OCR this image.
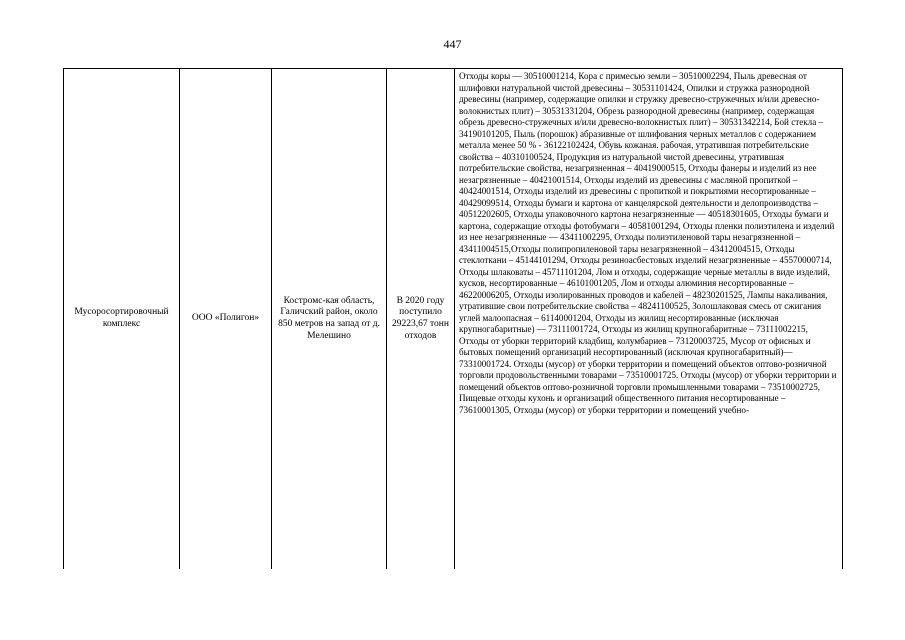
447
Мусоросортировочный комплекс	ООО «Полигон»	Костромс-кая область, Галичский район, около 850 метров на запад от д. Мелешино	В 2020 году поступило 29223,67 тонн отходов	Отходы коры — 30510001214, Кора с примесью земли – 30510002294, Пыль древесная от шлифовки натуральной чистой древесины – 30531101424, Опилки и стружка разнородной древесины (например, содержащие опилки и стружку древесно-стружечных и/или древесно-волокнистых плит) – 30531331204, Обрезь разнородной древесины (например, содержащая обрезь древесно-стружечных и/или древесно-волокнистых плит) – 30531342214, Бой стекла – 34190101205, Пыль (порошок) абразивные от шлифования черных металлов с содержанием металла менее 50 % - 36122102424, Обувь кожаная. рабочая, утратившая потребительские свойства – 40310100524, Продукция из натуральной чистой древесины, утратившая потребительские свойства, незагрязненная – 40419000515, Отходы фанеры и изделий из нее незагрязненные – 40421001514, Отходы изделий из древесины с масляной пропиткой – 40424001514, Отходы изделий из древесины с пропиткой и покрытиями несортированные – 40429099514, Отходы бумаги и картона от канцелярской деятельности и делопроизводства – 40512202605, Отходы упаковочного картона незагрязненные — 40518301605, Отходы бумаги и картона, содержащие отходы фотобумаги – 40581001294, Отходы пленки полиэтилена и изделий из нее незагрязненные — 43411002295, Отходы полиэтиленовой тары незагрязненной – 43411004515,Отходы полипропиленовой тары незагрязненной – 43412004515, Отходы стеклоткани – 45144101294, Отходы резиноасбестовых изделий незагрязненные – 45570000714, Отходы шлаковаты – 45711101204, Лом и отходы, содержащие черные металлы в виде изделий, кусков, несортированные – 46101001205, Лом и отходы алюминия несортированные – 46220006205, Отходы изолированных проводов и кабелей – 48230201525, Лампы накаливания, утратившие свои потребительские свойства – 48241100525, Золошлаковая смесь от сжигания углей малоопасная – 61140001204, Отходы из жилищ несортированные (исключая крупногабаритные) — 73111001724, Отходы из жилищ крупногабаритные – 73111002215, Отходы от уборки территорий кладбищ, колумбариев – 73120003725, Мусор от офисных и бытовых помещений организаций несортированный (исключая крупногабаритный)— 73310001724. Отходы (мусор) от уборки территории и помещений объектов оптово-розничной торговли продовольственными товарами – 73510001725. Отходы (мусор) от уборки территории и помещений объектов оптово-розничной торговли промышленными товарами – 73510002725, Пищевые отходы кухонь и организаций общественного питания несортированные – 73610001305, Отходы (мусор) от уборки территории и помещений учебно-
